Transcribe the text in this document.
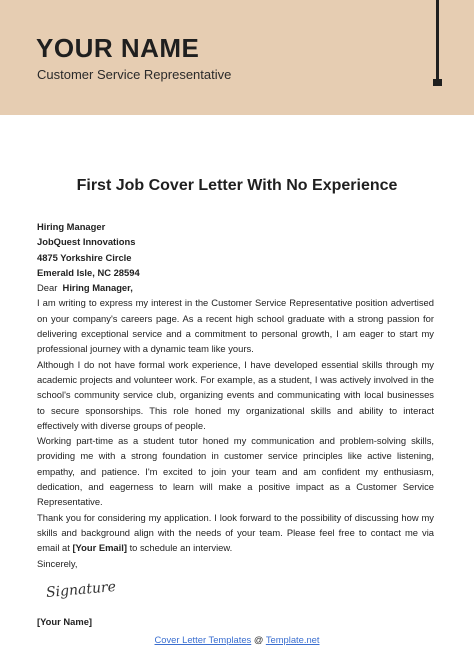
YOUR NAME
Customer Service Representative
First Job Cover Letter With No Experience
Hiring Manager
JobQuest Innovations
4875 Yorkshire Circle
Emerald Isle, NC 28594
Dear Hiring Manager,

I am writing to express my interest in the Customer Service Representative position advertised on your company's careers page. As a recent high school graduate with a strong passion for delivering exceptional service and a commitment to personal growth, I am eager to start my professional journey with a dynamic team like yours.

Although I do not have formal work experience, I have developed essential skills through my academic projects and volunteer work. For example, as a student, I was actively involved in the school's community service club, organizing events and communicating with local businesses to secure sponsorships. This role honed my organizational skills and ability to interact effectively with diverse groups of people.

Working part-time as a student tutor honed my communication and problem-solving skills, providing me with a strong foundation in customer service principles like active listening, empathy, and patience. I'm excited to join your team and am confident my enthusiasm, dedication, and eagerness to learn will make a positive impact as a Customer Service Representative.

Thank you for considering my application. I look forward to the possibility of discussing how my skills and background align with the needs of your team. Please feel free to contact me via email at [Your Email] to schedule an interview.

Sincerely,
Signature
[Your Name]
Cover Letter Templates @ Template.net
